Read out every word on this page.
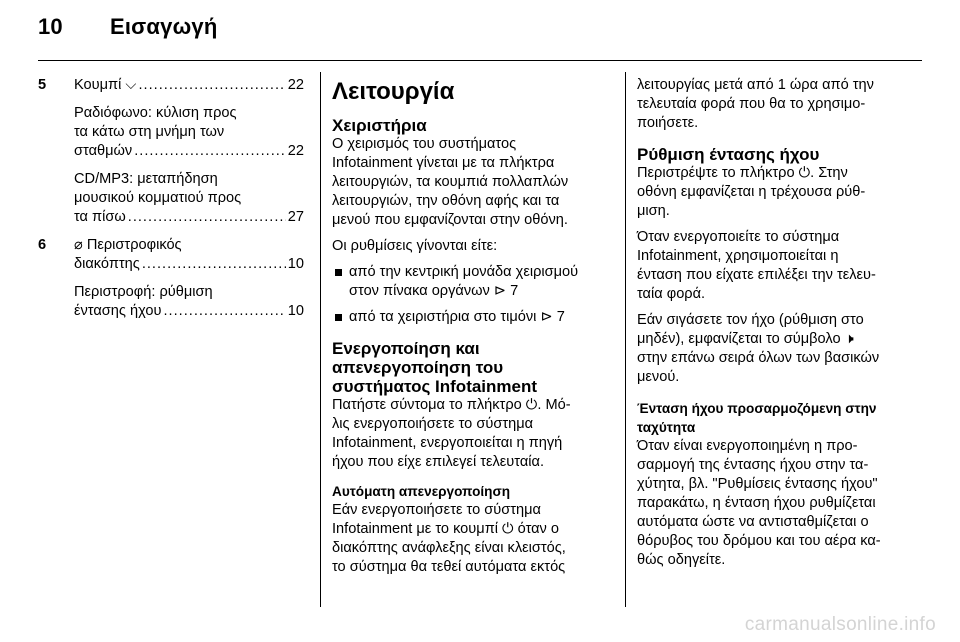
10 Εισαγωγή
5 Κουμπί ⌵ .....	22
Ραδιόφωνο: κύλιση προς
τα κάτω στη μνήμη των
σταθμών .....	22
CD/MP3: μεταπήδηση
μουσικού κομματιού προς
τα πίσω .....	27
6 ⌀ Περιστροφικός
διακόπτης .....	10
Περιστροφή: ρύθμιση
έντασης ήχου .....	10
Λειτουργία
Χειριστήρια
Ο χειρισμός του συστήματος
Infotainment γίνεται με τα πλήκτρα
λειτουργιών, τα κουμπιά πολλαπλών
λειτουργιών, την οθόνη αφής και τα
μενού που εμφανίζονται στην οθόνη.
Οι ρυθμίσεις γίνονται είτε:
από την κεντρική μονάδα χειρισμού
στον πίνακα οργάνων ⊳ 7
από τα χειριστήρια στο τιμόνι ⊳ 7
Ενεργοποίηση και
απενεργοποίηση του
συστήματος Infotainment
Πατήστε σύντομα το πλήκτρο ⏻. Μό-
λις ενεργοποιήσετε το σύστημα
Infotainment, ενεργοποιείται η πηγή
ήχου που είχε επιλεγεί τελευταία.
Αυτόματη απενεργοποίηση
Εάν ενεργοποιήσετε το σύστημα
Infotainment με το κουμπί ⏻ όταν ο
διακόπτης ανάφλεξης είναι κλειστός,
το σύστημα θα τεθεί αυτόματα εκτός
λειτουργίας μετά από 1 ώρα από την
τελευταία φορά που θα το χρησιμο-
ποιήσετε.
Ρύθμιση έντασης ήχου
Περιστρέψτε το πλήκτρο ⏻. Στην
οθόνη εμφανίζεται η τρέχουσα ρύθ-
μιση.
Όταν ενεργοποιείτε το σύστημα
Infotainment, χρησιμοποιείται η
ένταση που είχατε επιλέξει την τελευ-
ταία φορά.
Εάν σιγάσετε τον ήχο (ρύθμιση στο
μηδέν), εμφανίζεται το σύμβολο 🕨
στην επάνω σειρά όλων των βασικών
μενού.
Ένταση ήχου προσαρμοζόμενη στην
ταχύτητα
Όταν είναι ενεργοποιημένη η προ-
σαρμογή της έντασης ήχου στην τα-
χύτητα, βλ. "Ρυθμίσεις έντασης ήχου"
παρακάτω, η ένταση ήχου ρυθμίζεται
αυτόματα ώστε να αντισταθμίζεται ο
θόρυβος του δρόμου και του αέρα κα-
θώς οδηγείτε.
carmanualsonline.info
